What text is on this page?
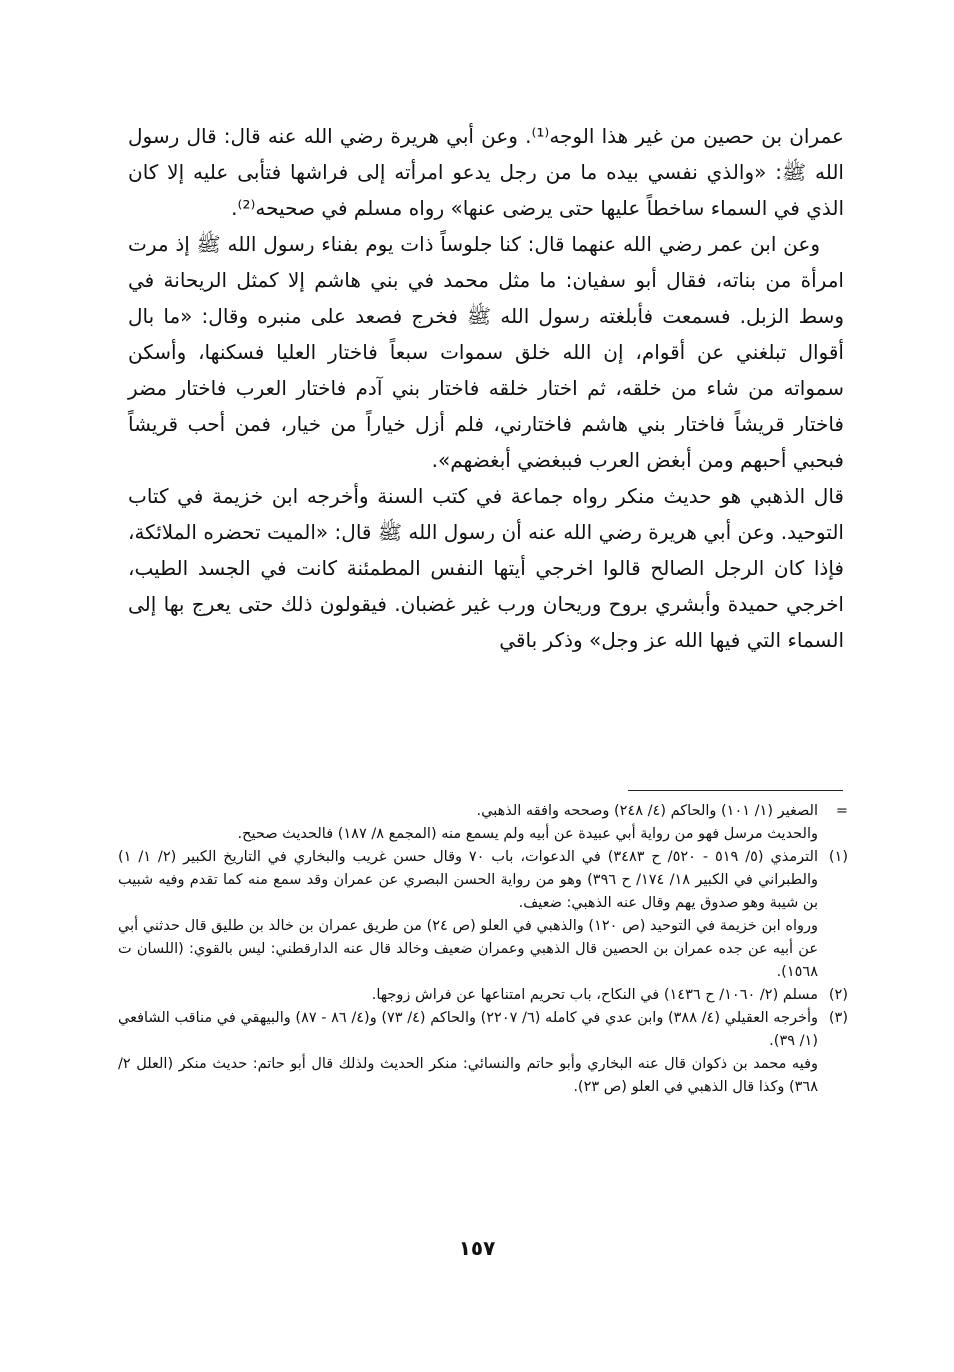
عمران بن حصين من غير هذا الوجه⁽¹⁾. وعن أبي هريرة رضي الله عنه قال: قال رسول الله ﷺ: «والذي نفسي بيده ما من رجل يدعو امرأته إلى فراشها فتأبى عليه إلا كان الذي في السماء ساخطاً عليها حتى يرضى عنها» رواه مسلم في صحيحه⁽²⁾.

وعن ابن عمر رضي الله عنهما قال: كنا جلوساً ذات يوم بفناء رسول الله ﷺ إذ مرت امرأة من بناته، فقال أبو سفيان: ما مثل محمد في بني هاشم إلا كمثل الريحانة في وسط الزبل. فسمعت فأبلغته رسول الله ﷺ فخرج فصعد على منبره وقال: «ما بال أقوال تبلغني عن أقوام، إن الله خلق سموات سبعاً فاختار العليا فسكنها، وأسكن سمواته من شاء من خلقه، ثم اختار خلقه فاختار بني آدم فاختار العرب فاختار مضر فاختار قريشاً فاختار بني هاشم فاختارني، فلم أزل خياراً من خيار، فمن أحب قريشاً فبحبي أحبهم ومن أبغض العرب فببغضي أبغضهم».

قال الذهبي هو حديث منكر رواه جماعة في كتب السنة وأخرجه ابن خزيمة في كتاب التوحيد. وعن أبي هريرة رضي الله عنه أن رسول الله ﷺ قال: «الميت تحضره الملائكة، فإذا كان الرجل الصالح قالوا اخرجي أيتها النفس المطمئنة كانت في الجسد الطيب، اخرجي حميدة وأبشري بروح وريحان ورب غير غضبان. فيقولون ذلك حتى يعرج بها إلى السماء التي فيها الله عز وجل» وذكر باقي

=

الصغير (١/ ١٠١) والحاكم (٤/ ٢٤٨) وصححه وافقه الذهبي.

والحديث مرسل فهو من رواية أبي عبيدة عن أبيه ولم يسمع منه (المجمع ٨/ ١٨٧) فالحديث صحيح.

(١)

الترمذي (٥/ ٥١٩ - ٥٢٠/ ح ٣٤٨٣) في الدعوات، باب ٧٠ وقال حسن غريب والبخاري في التاريخ الكبير (٢/ ١/ ١) والطبراني في الكبير ١٨/ ١٧٤/ ح ٣٩٦) وهو من رواية الحسن البصري عن عمران وقد سمع منه كما تقدم وفيه شبيب بن شيبة وهو صدوق يهم وقال عنه الذهبي: ضعيف.

ورواه ابن خزيمة في التوحيد (ص ١٢٠) والذهبي في العلو (ص ٢٤) من طريق عمران بن خالد بن طليق قال حدثني أبي عن أبيه عن جده عمران بن الحصين قال الذهبي وعمران ضعيف وخالد قال عنه الدارقطني: ليس بالقوي: (اللسان ت ١٥٦٨).

(٢)

مسلم (٢/ ١٠٦٠/ ح ١٤٣٦) في النكاح، باب تحريم امتناعها عن فراش زوجها.

(٣)

وأخرجه العقيلي (٤/ ٣٨٨) وابن عدي في كامله (٦/ ٢٢٠٧) والحاكم (٤/ ٧٣) و(٤/ ٨٦ - ٨٧) والبيهقي في مناقب الشافعي (١/ ٣٩).

وفيه محمد بن ذكوان قال عنه البخاري وأبو حاتم والنسائي: منكر الحديث ولذلك قال أبو حاتم: حديث منكر (العلل ٢/ ٣٦٨) وكذا قال الذهبي في العلو (ص ٢٣).

١٥٧
